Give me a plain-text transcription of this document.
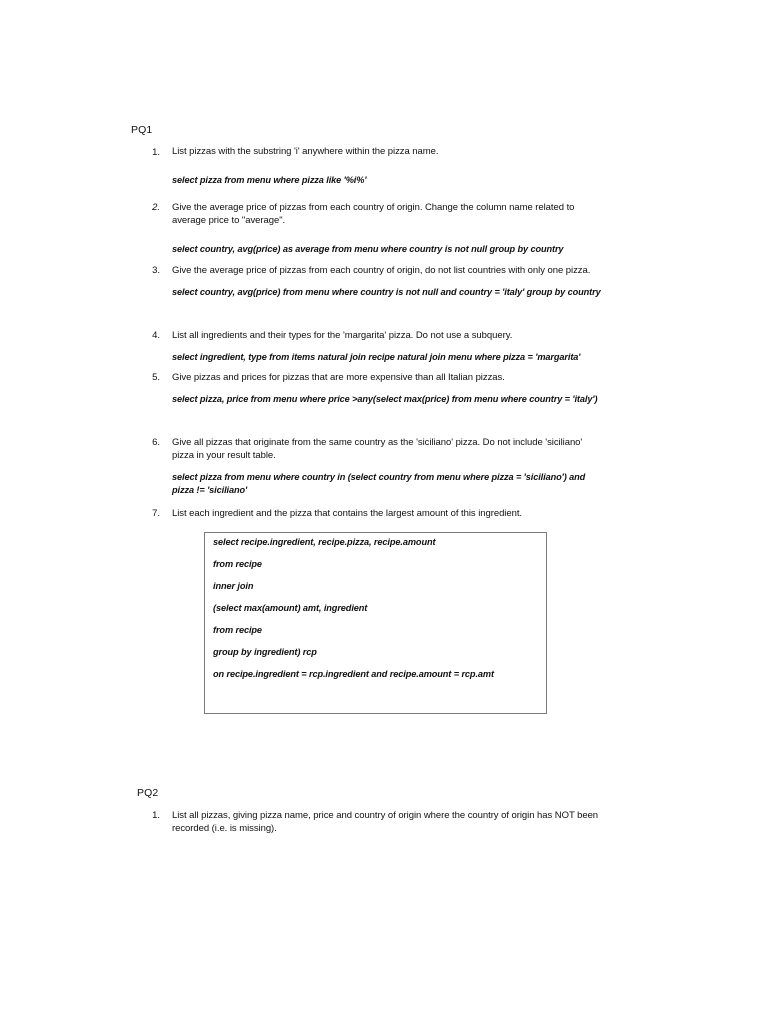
PQ1
1. List pizzas with the substring 'i' anywhere within the pizza name.
select pizza from menu where pizza like '%i%'
2. Give the average price of pizzas from each country of origin. Change the column name related to
average price to "average".
select country, avg(price) as average from menu where country is not null group by country
3. Give the average price of pizzas from each country of origin, do not list countries with only one pizza.
select country, avg(price) from menu where country is not null and country = 'italy' group by country
4. List all ingredients and their types for the 'margarita' pizza. Do not use a subquery.
select ingredient, type from items natural join recipe natural join menu where pizza = 'margarita'
5. Give pizzas and prices for pizzas that are more expensive than all Italian pizzas.
select pizza, price from menu where price >any(select max(price) from menu where country = 'italy')
6. Give all pizzas that originate from the same country as the 'siciliano' pizza. Do not include 'siciliano'
pizza in your result table.
select pizza from menu where country in (select country from menu where pizza = 'siciliano') and
pizza != 'siciliano'
7. List each ingredient and the pizza that contains the largest amount of this ingredient.
select recipe.ingredient, recipe.pizza, recipe.amount
from recipe
inner join
(select max(amount) amt, ingredient
from recipe
group by ingredient) rcp
on recipe.ingredient = rcp.ingredient and recipe.amount = rcp.amt
PQ2
1. List all pizzas, giving pizza name, price and country of origin where the country of origin has NOT been
recorded (i.e. is missing).
